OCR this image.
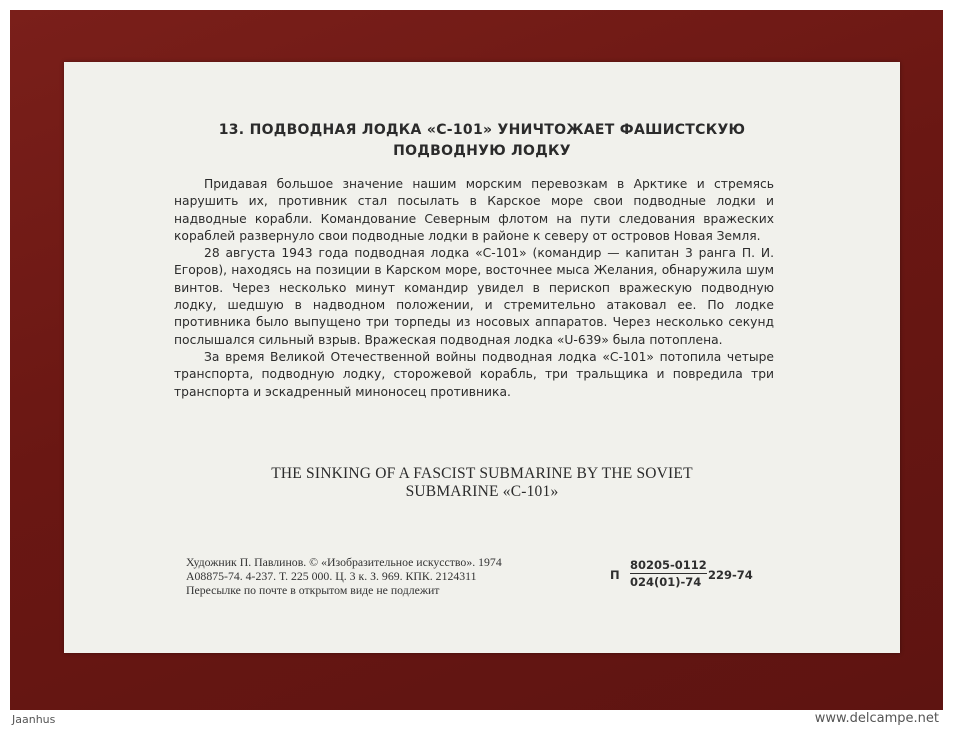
13. ПОДВОДНАЯ ЛОДКА «С-101» УНИЧТОЖАЕТ ФАШИСТСКУЮ
ПОДВОДНУЮ ЛОДКУ

Придавая большое значение нашим морским перевозкам в Арктике и стремясь нарушить их, противник стал посылать в Карское море свои подводные лодки и надводные корабли. Командование Северным флотом на пути следования вражеских кораблей развернуло свои подводные лодки в районе к северу от островов Новая Земля.

28 августа 1943 года подводная лодка «С-101» (командир — капитан 3 ранга П. И. Егоров), находясь на позиции в Карском море, восточнее мыса Желания, обнаружила шум винтов. Через несколько минут командир увидел в перископ вражескую подводную лодку, шедшую в надводном положении, и стремительно атаковал ее. По лодке противника было выпущено три торпеды из носовых аппаратов. Через несколько секунд послышался сильный взрыв. Вражеская подводная лодка «U-639» была потоплена.

За время Великой Отечественной войны подводная лодка «С-101» потопила четыре транспорта, подводную лодку, сторожевой корабль, три тральщика и повредила три транспорта и эскадренный миноносец противника.

THE SINKING OF A FASCIST SUBMARINE BY THE SOVIET
SUBMARINE «C-101»
Художник П. Павлинов. © «Изобразительное искусство». 1974
А08875-74. 4-237. Т. 225 000. Ц. 3 к. З. 969. КПК. 2124311
Пересылке по почте в открытом виде не подлежит
П $\frac{80205-0112}{024(01)-74} 229-74$
Jaanhus	www.delcampe.net
